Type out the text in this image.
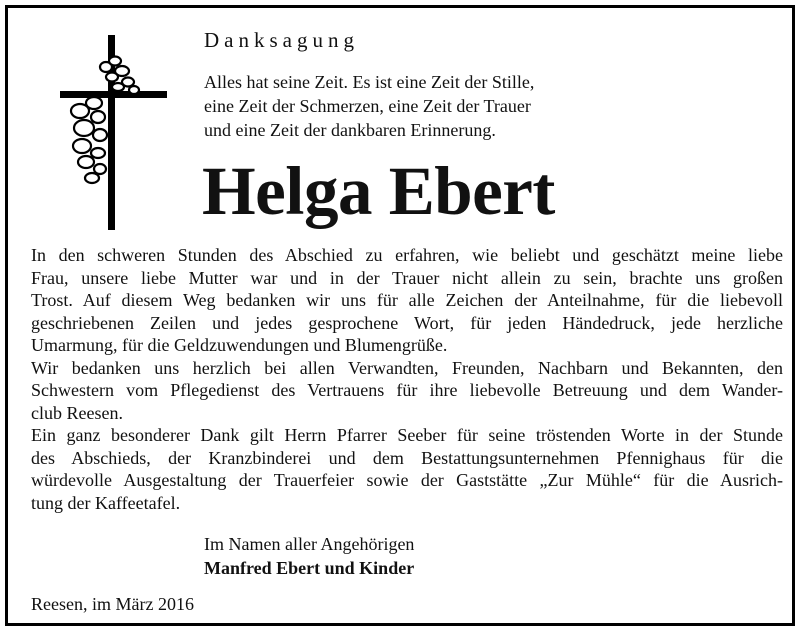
Danksagung

Alles hat seine Zeit. Es ist eine Zeit der Stille,
eine Zeit der Schmerzen, eine Zeit der Trauer
und eine Zeit der dankbaren Erinnerung.

Helga Ebert

In den schweren Stunden des Abschied zu erfahren, wie beliebt und geschätzt meine liebe
Frau, unsere liebe Mutter war und in der Trauer nicht allein zu sein, brachte uns großen
Trost. Auf diesem Weg bedanken wir uns für alle Zeichen der Anteilnahme, für die liebevoll
geschriebenen Zeilen und jedes gesprochene Wort, für jeden Händedruck, jede herzliche
Umarmung, für die Geldzuwendungen und Blumengrüße.
Wir bedanken uns herzlich bei allen Verwandten, Freunden, Nachbarn und Bekannten, den
Schwestern vom Pflegedienst des Vertrauens für ihre liebevolle Betreuung und dem Wander-
club Reesen.
Ein ganz besonderer Dank gilt Herrn Pfarrer Seeber für seine tröstenden Worte in der Stunde
des Abschieds, der Kranzbinderei und dem Bestattungsunternehmen Pfennighaus für die
würdevolle Ausgestaltung der Trauerfeier sowie der Gaststätte „Zur Mühle“ für die Ausrich-
tung der Kaffeetafel.

Im Namen aller Angehörigen
Manfred Ebert und Kinder

Reesen, im März 2016
